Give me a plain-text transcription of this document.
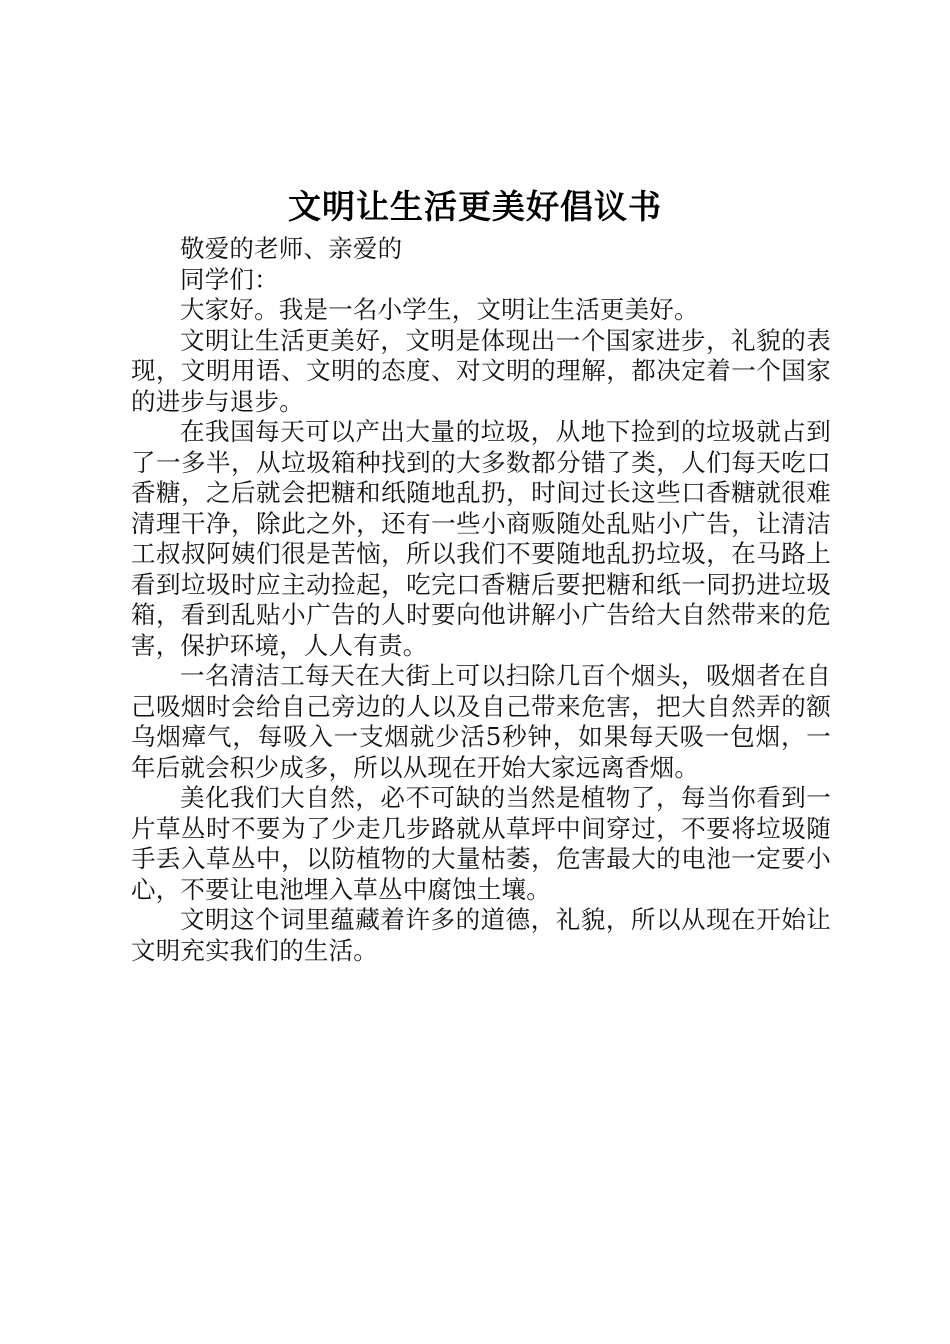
文明让生活更美好倡议书

敬爱的老师、亲爱的

同学们：

大家好。我是一名小学生，文明让生活更美好。

文明让生活更美好，文明是体现出一个国家进步，礼貌的表现，文明用语、文明的态度、对文明的理解，都决定着一个国家的进步与退步。

在我国每天可以产出大量的垃圾，从地下捡到的垃圾就占到了一多半，从垃圾箱种找到的大多数都分错了类，人们每天吃口香糖，之后就会把糖和纸随地乱扔，时间过长这些口香糖就很难清理干净，除此之外，还有一些小商贩随处乱贴小广告，让清洁工叔叔阿姨们很是苦恼，所以我们不要随地乱扔垃圾，在马路上看到垃圾时应主动捡起，吃完口香糖后要把糖和纸一同扔进垃圾箱，看到乱贴小广告的人时要向他讲解小广告给大自然带来的危害，保护环境，人人有责。

一名清洁工每天在大街上可以扫除几百个烟头，吸烟者在自己吸烟时会给自己旁边的人以及自己带来危害，把大自然弄的额乌烟瘴气，每吸入一支烟就少活5秒钟，如果每天吸一包烟，一年后就会积少成多，所以从现在开始大家远离香烟。

美化我们大自然，必不可缺的当然是植物了，每当你看到一片草丛时不要为了少走几步路就从草坪中间穿过，不要将垃圾随手丢入草丛中，以防植物的大量枯萎，危害最大的电池一定要小心，不要让电池埋入草丛中腐蚀土壤。

文明这个词里蕴藏着许多的道德，礼貌，所以从现在开始让文明充实我们的生活。
